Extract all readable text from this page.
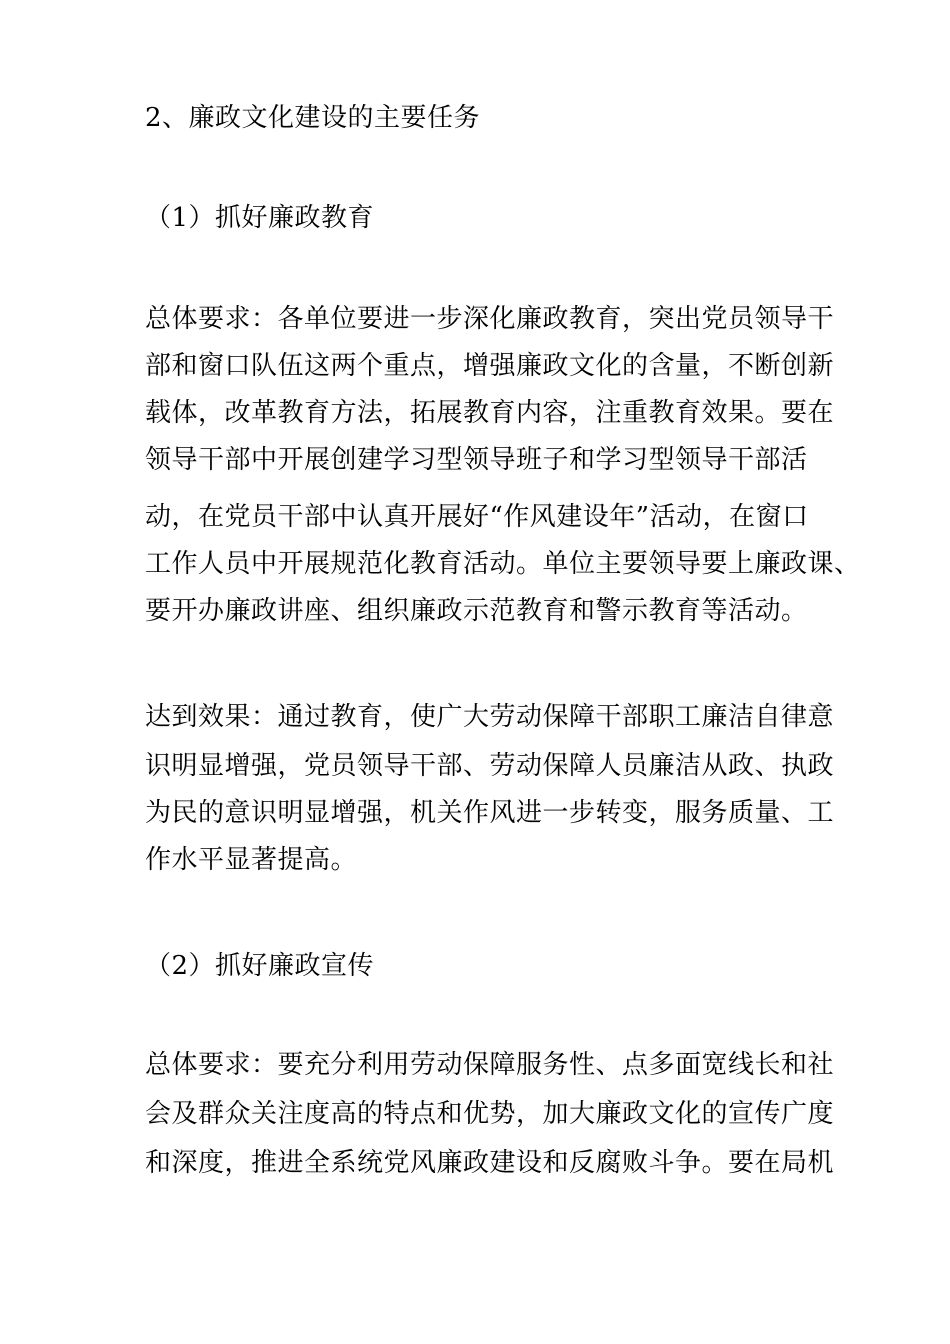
2、廉政文化建设的主要任务
（1）抓好廉政教育
总体要求：各单位要进一步深化廉政教育，突出党员领导干
部和窗口队伍这两个重点，增强廉政文化的含量，不断创新
载体，改革教育方法，拓展教育内容，注重教育效果。要在
领导干部中开展创建学习型领导班子和学习型领导干部活
动，在党员干部中认真开展好“作风建设年”活动，在窗口
工作人员中开展规范化教育活动。单位主要领导要上廉政课、
要开办廉政讲座、组织廉政示范教育和警示教育等活动。
达到效果：通过教育，使广大劳动保障干部职工廉洁自律意
识明显增强，党员领导干部、劳动保障人员廉洁从政、执政
为民的意识明显增强，机关作风进一步转变，服务质量、工
作水平显著提高。
（2）抓好廉政宣传
总体要求：要充分利用劳动保障服务性、点多面宽线长和社
会及群众关注度高的特点和优势，加大廉政文化的宣传广度
和深度，推进全系统党风廉政建设和反腐败斗争。要在局机
